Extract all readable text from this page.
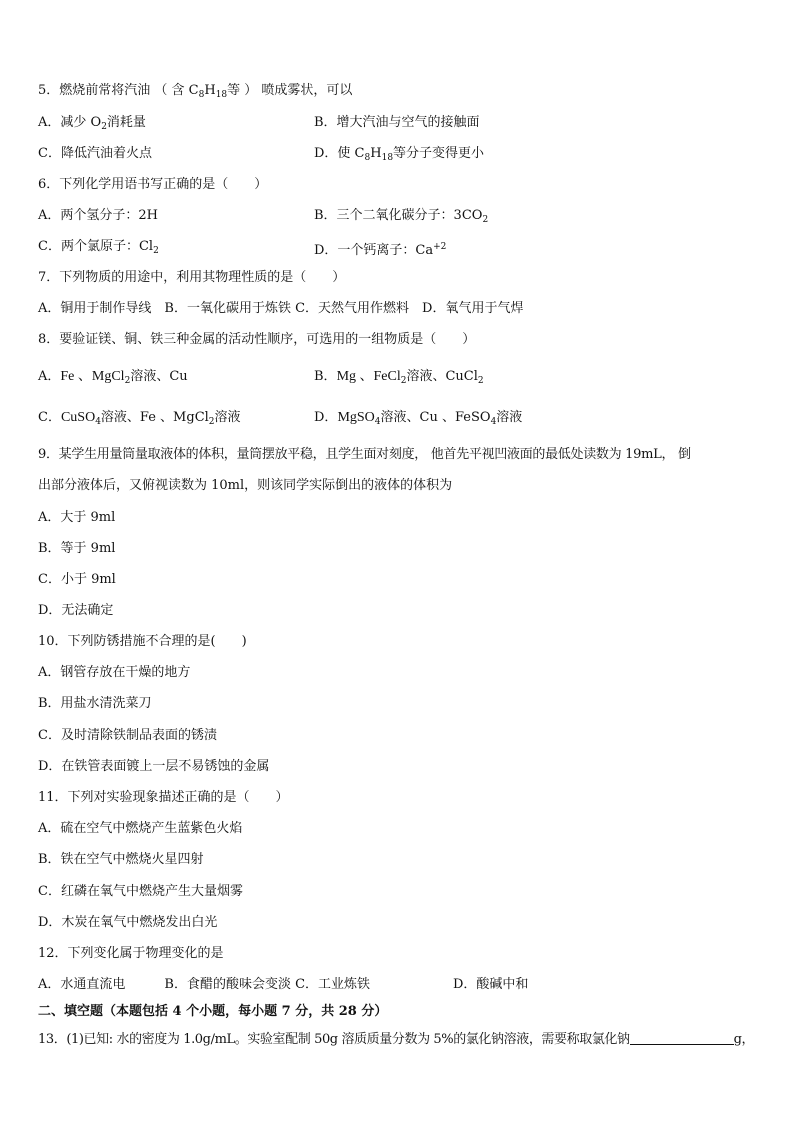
5．燃烧前常将汽油 （ 含 $C_8H_{18}$等 ） 喷成雾状，可以
A．减少 $O_2$消耗量	B．增大汽油与空气的接触面
C．降低汽油着火点	D．使 $C_8H_{18}$等分子变得更小
6．下列化学用语书写正确的是（　　）
A．两个氢分子：2H	B．三个二氧化碳分子：$3CO_2$
C．两个氯原子：$Cl_2$	D．一个钙离子：$Ca^{+2}$
7．下列物质的用途中，利用其物理性质的是（　　）
A．铜用于制作导线　B．一氧化碳用于炼铁 C．天然气用作燃料　D．氧气用于气焊
8．要验证镁、铜、铁三种金属的活动性顺序，可选用的一组物质是（　　）
A．Fe 、MgCl$_2$溶液、Cu	B．Mg 、FeCl$_2$溶液、CuCl$_2$
C．CuSO$_4$溶液、Fe 、MgCl$_2$溶液	D．MgSO$_4$溶液、Cu 、FeSO$_4$溶液
9．某学生用量筒量取液体的体积，量筒摆放平稳，且学生面对刻度， 他首先平视凹液面的最低处读数为 19mL， 倒
出部分液体后，又俯视读数为 10ml，则该同学实际倒出的液体的体积为
A．大于 9ml
B．等于 9ml
C．小于 9ml
D．无法确定
10．下列防锈措施不合理的是(　　)
A．钢管存放在干燥的地方
B．用盐水清洗菜刀
C．及时清除铁制品表面的锈渍
D．在铁管表面镀上一层不易锈蚀的金属
11．下列对实验现象描述正确的是（　　）
A．硫在空气中燃烧产生蓝紫色火焰
B．铁在空气中燃烧火星四射
C．红磷在氧气中燃烧产生大量烟雾
D．木炭在氧气中燃烧发出白光
12．下列变化属于物理变化的是
A．水通直流电　　　B．食醋的酸味会变淡 C．工业炼铁	D．酸碱中和
二、填空题（本题包括 4 个小题，每小题 7 分，共 28 分）
13．(1)已知: 水的密度为 1.0g/mL。实验室配制 50g 溶质质量分数为 5%的氯化钠溶液，需要称取氯化钠	g，
